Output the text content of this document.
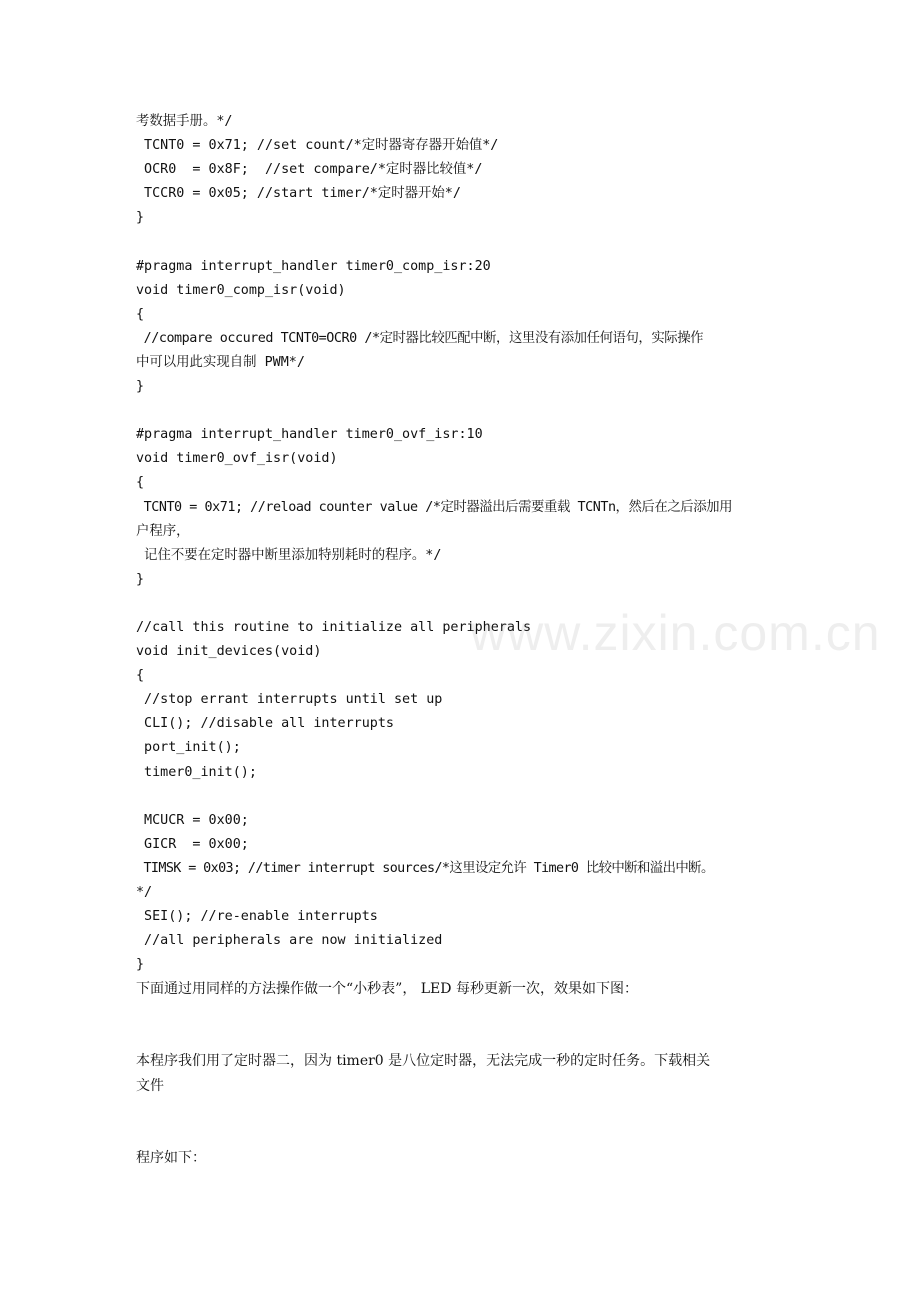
考数据手册。*/
TCNT0 = 0x71; //set count/*定时器寄存器开始值*/
OCR0  = 0x8F;  //set compare/*定时器比较值*/
TCCR0 = 0x05; //start timer/*定时器开始*/
}
#pragma interrupt_handler timer0_comp_isr:20
void timer0_comp_isr(void)
{
//compare occured TCNT0=OCR0 /*定时器比较匹配中断，这里没有添加任何语句，实际操作
中可以用此实现自制 PWM*/
}
#pragma interrupt_handler timer0_ovf_isr:10
void timer0_ovf_isr(void)
{
TCNT0 = 0x71; //reload counter value /*定时器溢出后需要重载 TCNTn，然后在之后添加用
户程序，
记住不要在定时器中断里添加特别耗时的程序。*/
}
//call this routine to initialize all peripherals
void init_devices(void)
{
//stop errant interrupts until set up
CLI(); //disable all interrupts
port_init();
timer0_init();
MCUCR = 0x00;
GICR  = 0x00;
TIMSK = 0x03; //timer interrupt sources/*这里设定允许 Timer0 比较中断和溢出中断。
*/
SEI(); //re-enable interrupts
//all peripherals are now initialized
}
下面通过用同样的方法操作做一个“小秒表”， LED 每秒更新一次，效果如下图：
本程序我们用了定时器二，因为 timer0 是八位定时器，无法完成一秒的定时任务。下载相关
文件
程序如下：
www.zixin.com.cn
